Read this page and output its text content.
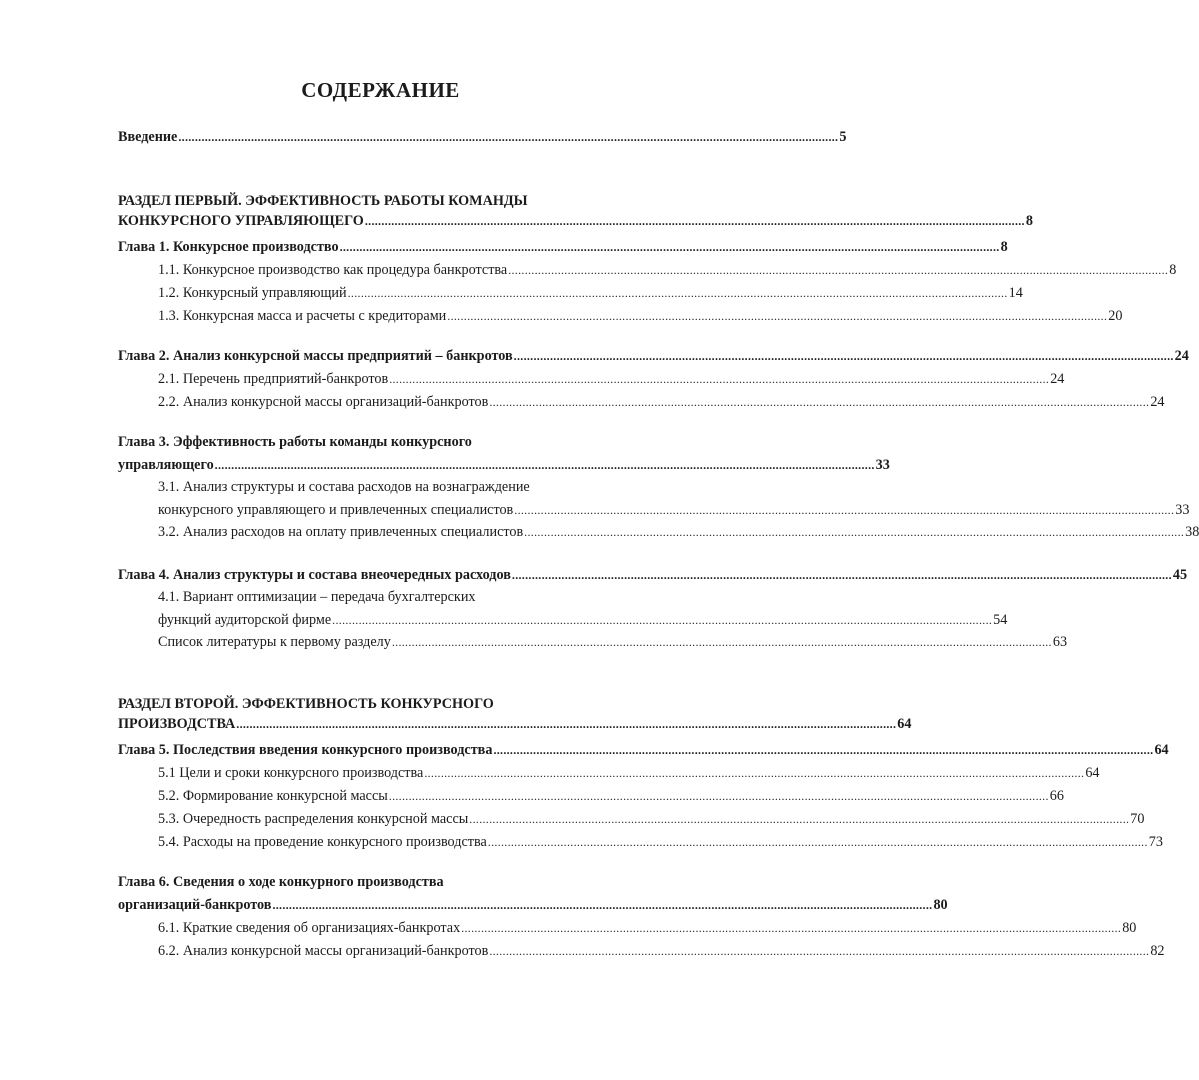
СОДЕРЖАНИЕ
Введение ........................................................................................................................................................................................................ 5
РАЗДЕЛ ПЕРВЫЙ. ЭФФЕКТИВНОСТЬ РАБОТЫ КОМАНДЫ
КОНКУРСНОГО УПРАВЛЯЮЩЕГО ........................................................................................................................................................................................................ 8
Глава 1. Конкурсное производство ........................................................................................................................................................................................................ 8
1.1. Конкурсное производство как процедура банкротства ........................................................................................................................................................................................................ 8
1.2. Конкурсный управляющий ........................................................................................................................................................................................................ 14
1.3. Конкурсная масса и расчеты с кредиторами ........................................................................................................................................................................................................ 20
Глава 2. Анализ конкурсной массы предприятий – банкротов ........................................................................................................................................................................................................ 24
2.1. Перечень предприятий-банкротов ........................................................................................................................................................................................................ 24
2.2. Анализ конкурсной массы организаций-банкротов ........................................................................................................................................................................................................ 24
Глава 3. Эффективность работы команды конкурсного
управляющего ........................................................................................................................................................................................................ 33
3.1. Анализ структуры и состава расходов на вознаграждение
конкурсного управляющего и привлеченных специалистов ........................................................................................................................................................................................................ 33
3.2. Анализ расходов на оплату привлеченных специалистов ........................................................................................................................................................................................................ 38
Глава 4. Анализ структуры и состава внеочередных расходов ........................................................................................................................................................................................................ 45
4.1. Вариант оптимизации – передача бухгалтерских
функций аудиторской фирме ........................................................................................................................................................................................................ 54
Список литературы к первому разделу ........................................................................................................................................................................................................ 63
РАЗДЕЛ ВТОРОЙ. ЭФФЕКТИВНОСТЬ КОНКУРСНОГО
ПРОИЗВОДСТВА ........................................................................................................................................................................................................ 64
Глава 5. Последствия введения конкурсного производства ........................................................................................................................................................................................................ 64
5.1 Цели и сроки конкурсного производства ........................................................................................................................................................................................................ 64
5.2. Формирование конкурсной массы ........................................................................................................................................................................................................ 66
5.3. Очередность распределения конкурсной массы ........................................................................................................................................................................................................ 70
5.4. Расходы на проведение конкурсного производства ........................................................................................................................................................................................................ 73
Глава 6. Сведения о ходе конкурного производства
организаций-банкротов ........................................................................................................................................................................................................ 80
6.1. Краткие сведения об организациях-банкротах ........................................................................................................................................................................................................ 80
6.2. Анализ конкурсной массы организаций-банкротов ........................................................................................................................................................................................................ 82
